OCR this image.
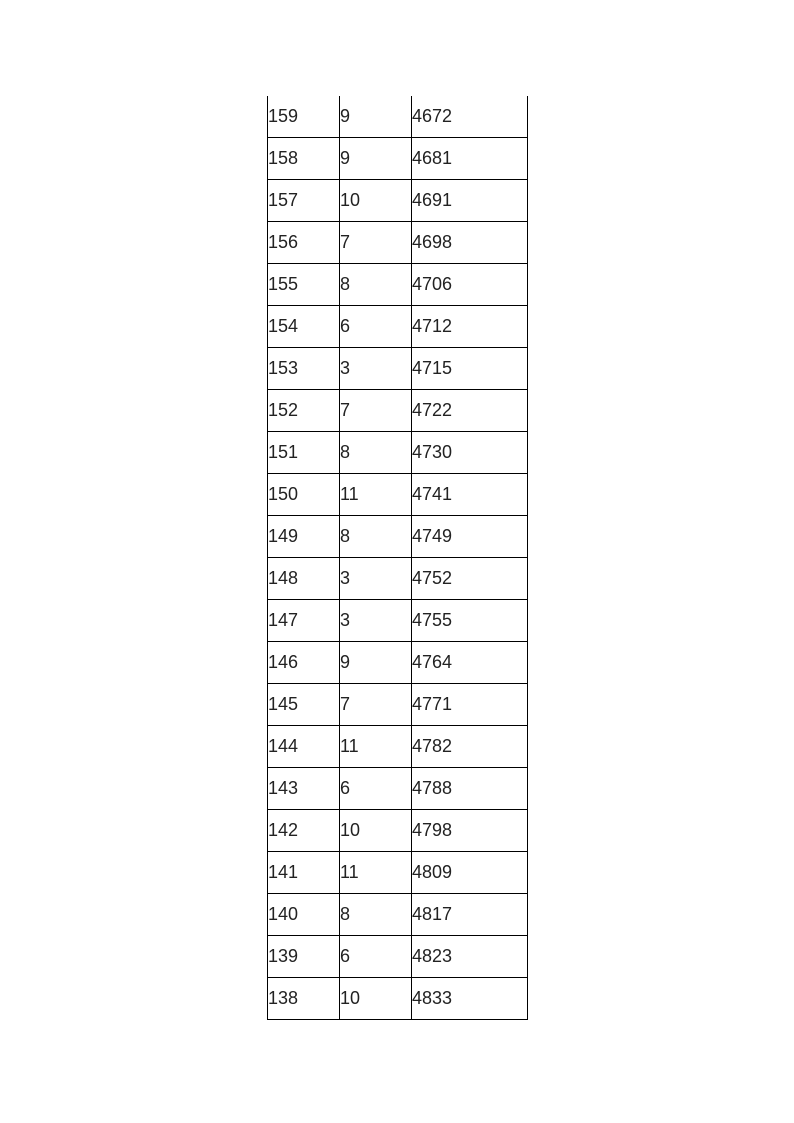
159	9	4672
158	9	4681
157	10	4691
156	7	4698
155	8	4706
154	6	4712
153	3	4715
152	7	4722
151	8	4730
150	11	4741
149	8	4749
148	3	4752
147	3	4755
146	9	4764
145	7	4771
144	11	4782
143	6	4788
142	10	4798
141	11	4809
140	8	4817
139	6	4823
138	10	4833
